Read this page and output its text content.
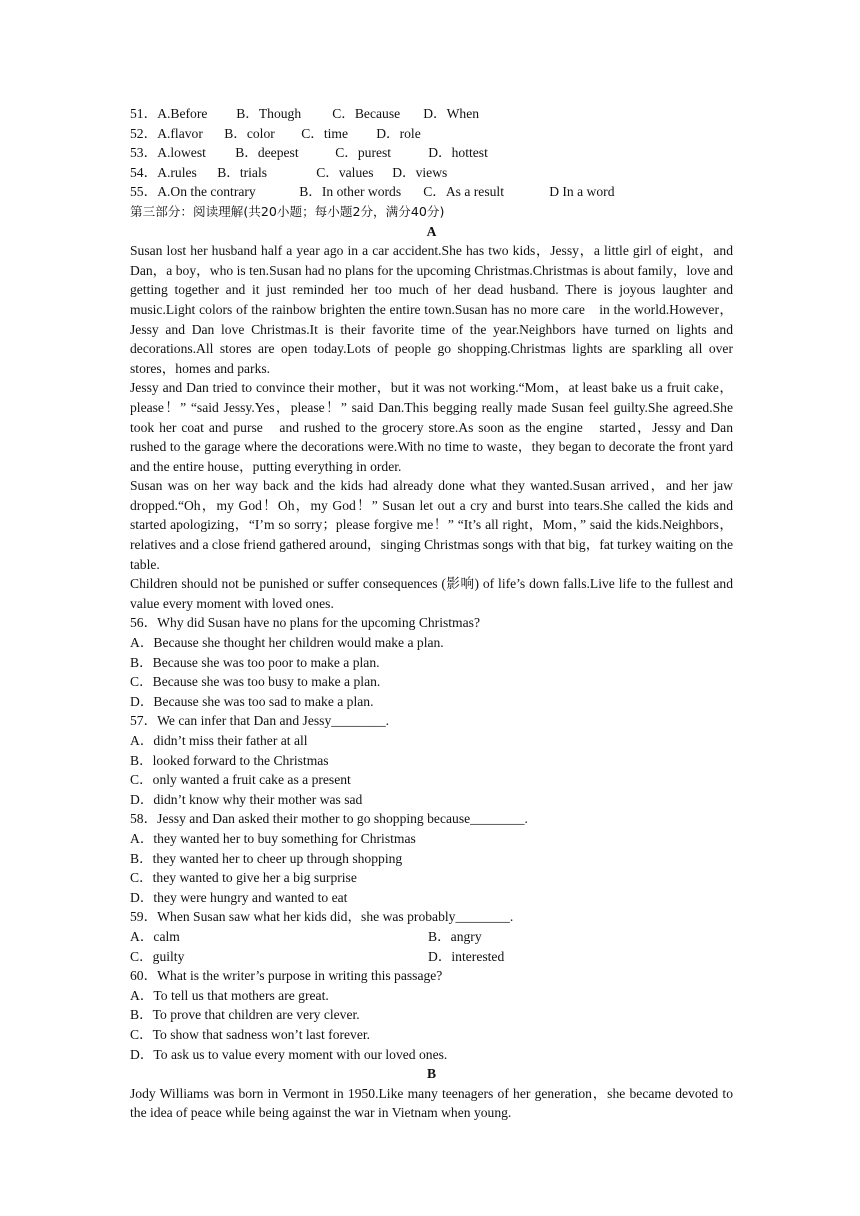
51．A.Before B．Though C．Because D．When
52．A.flavor B．color C．time D．role
53．A.lowest B．deepest	C．purest	D．hottest
54．A.rules B．trials	C．values D．views
55．A.On the contrary	B．In other words C．As a result	D In a word
第三部分：阅读理解(共20小题；每小题2分，满分40分)
A
Susan lost her husband half a year ago in a car accident.She has two kids，Jessy，a little girl of eight，and Dan，a boy，who is ten.Susan had no plans for the upcoming Christmas.Christmas is about family，love and getting together and it just reminded her too much of her dead husband. There is joyous laughter and music.Light colors of the rainbow brighten the entire town.Susan has no more care　in the world.However，Jessy and Dan love Christmas.It is their favorite time of the year.Neighbors have turned on lights and decorations.All stores are open today.Lots of people go shopping.Christmas lights are sparkling all over stores，homes and parks.
Jessy and Dan tried to convince their mother，but it was not working.“Mom，at least bake us a fruit cake，please！” “said Jessy.Yes，please！” said Dan.This begging really made Susan feel guilty.She agreed.She took her coat and purse　and rushed to the grocery store.As soon as the engine　started，Jessy and Dan rushed to the garage where the decorations were.With no time to waste，they began to decorate the front yard and the entire house，putting everything in order.
Susan was on her way back and the kids had already done what they wanted.Susan arrived，and her jaw dropped.“Oh，my God！Oh，my God！” Susan let out a cry and burst into tears.She called the kids and started apologizing，“I’m so sorry；please forgive me！” “It’s all right，Mom，” said the kids.Neighbors，relatives and a close friend gathered around，singing Christmas songs with that big，fat turkey waiting on the table.
Children should not be punished or suffer consequences (影响) of life’s down falls.Live life to the fullest and value every moment with loved ones.
56．Why did Susan have no plans for the upcoming Christmas?
A．Because she thought her children would make a plan.
B．Because she was too poor to make a plan.
C．Because she was too busy to make a plan.
D．Because she was too sad to make a plan.
57．We can infer that Dan and Jessy________.
A．didn’t miss their father at all
B．looked forward to the Christmas
C．only wanted a fruit cake as a present
D．didn’t know why their mother was sad
58．Jessy and Dan asked their mother to go shopping because________.
A．they wanted her to buy something for Christmas
B．they wanted her to cheer up through shopping
C．they wanted to give her a big surprise
D．they were hungry and wanted to eat
59．When Susan saw what her kids did，she was probably________.
A．calm	B．angry
C．guilty	D．interested
60．What is the writer’s purpose in writing this passage?
A．To tell us that mothers are great.
B．To prove that children are very clever.
C．To show that sadness won’t last forever.
D．To ask us to value every moment with our loved ones.
B
Jody Williams was born in Vermont in 1950.Like many teenagers of her generation，she became devoted to the idea of peace while being against the war in Vietnam when young.
